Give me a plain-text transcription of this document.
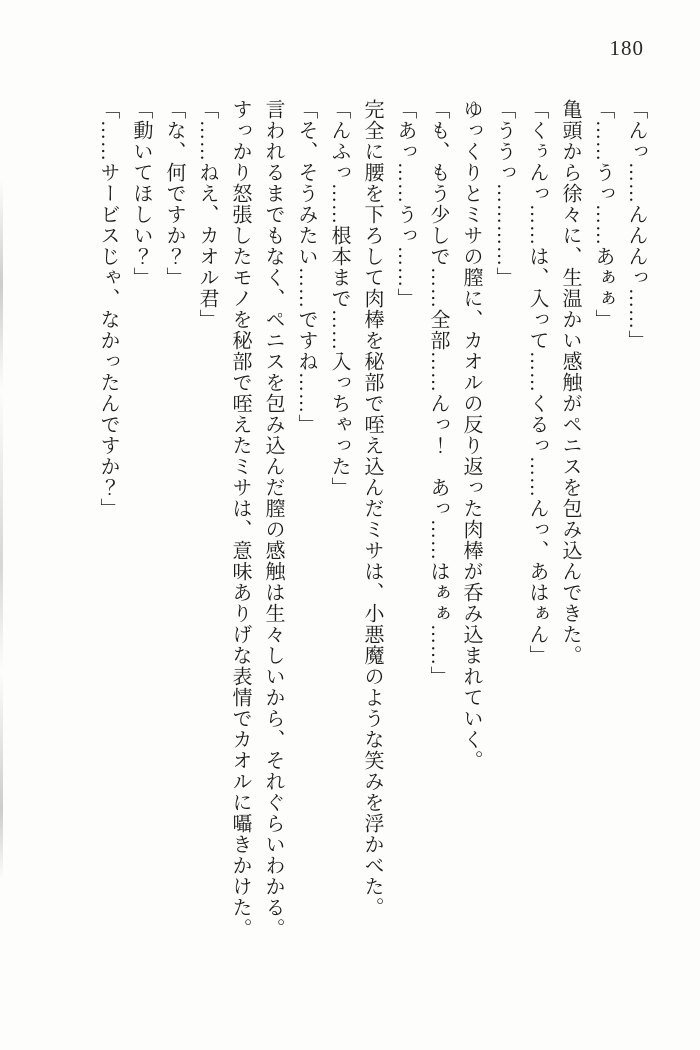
180

「んっ……んんんっ……」

「……うっ……あぁぁ」

亀頭から徐々に、生温かい感触がペニスを包み込んできた。

「くぅんっ……は、入って……くるっ……んっ、あはぁん」

「ううっ…………」

ゆっくりとミサの膣に、カオルの反り返った肉棒が呑み込まれていく。

「も、もう少しで……全部……んっ！　あっ……はぁぁ……」

「あっ……うっ……」

完全に腰を下ろして肉棒を秘部で咥え込んだミサは、小悪魔のような笑みを浮かべた。

「んふっ……根本まで……入っちゃった」

「そ、そうみたい……ですね……」

言われるまでもなく、ペニスを包み込んだ膣の感触は生々しいから、それぐらいわかる。

すっかり怒張したモノを秘部で咥えたミサは、意味ありげな表情でカオルに囁きかけた。

「……ねえ、カオル君」

「な、何ですか？」

「動いてほしい？」

「……サービスじゃ、なかったんですか？」
